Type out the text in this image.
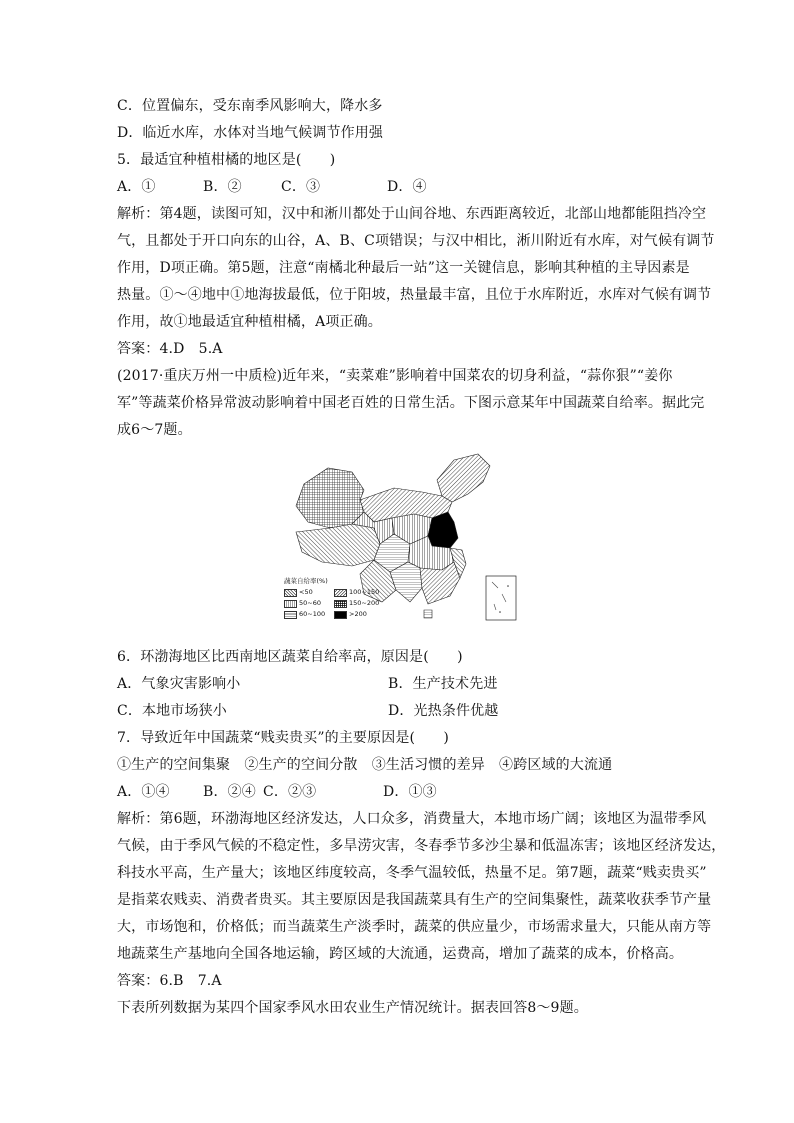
C．位置偏东，受东南季风影响大，降水多
D．临近水库，水体对当地气候调节作用强
5．最适宜种植柑橘的地区是(　　)
A．①	B．②	C．③	D．④
解析：第4题，读图可知，汉中和淅川都处于山间谷地、东西距离较近，北部山地都能阻挡冷空
气，且都处于开口向东的山谷，A、B、C项错误；与汉中相比，淅川附近有水库，对气候有调节
作用，D项正确。第5题，注意“南橘北种最后一站”这一关键信息，影响其种植的主导因素是
热量。①～④地中①地海拔最低，位于阳坡，热量最丰富，且位于水库附近，水库对气候有调节
作用，故①地最适宜种植柑橘，A项正确。
答案：4.D　5.A
(2017·重庆万州一中质检)近年来，“卖菜难”影响着中国菜农的切身利益，“蒜你狠”“姜你
军”等蔬菜价格异常波动影响着中国老百姓的日常生活。下图示意某年中国蔬菜自给率。据此完
成6～7题。
蔬菜自给率(%)
<50	100~150
50~60	150~200
60~100	>200
6．环渤海地区比西南地区蔬菜自给率高，原因是(　　)
A．气象灾害影响小	B．生产技术先进
C．本地市场狭小	D．光热条件优越
7．导致近年中国蔬菜“贱卖贵买”的主要原因是(　　)
①生产的空间集聚　②生产的空间分散　③生活习惯的差异　④跨区域的大流通
A．①④	B．②④ C．②③	D．①③
解析：第6题，环渤海地区经济发达，人口众多，消费量大，本地市场广阔；该地区为温带季风
气候，由于季风气候的不稳定性，多旱涝灾害，冬春季节多沙尘暴和低温冻害；该地区经济发达，
科技水平高，生产量大；该地区纬度较高，冬季气温较低，热量不足。第7题，蔬菜“贱卖贵买”
是指菜农贱卖、消费者贵买。其主要原因是我国蔬菜具有生产的空间集聚性，蔬菜收获季节产量
大，市场饱和，价格低；而当蔬菜生产淡季时，蔬菜的供应量少，市场需求量大，只能从南方等
地蔬菜生产基地向全国各地运输，跨区域的大流通，运费高，增加了蔬菜的成本，价格高。
答案：6.B　7.A
下表所列数据为某四个国家季风水田农业生产情况统计。据表回答8～9题。
